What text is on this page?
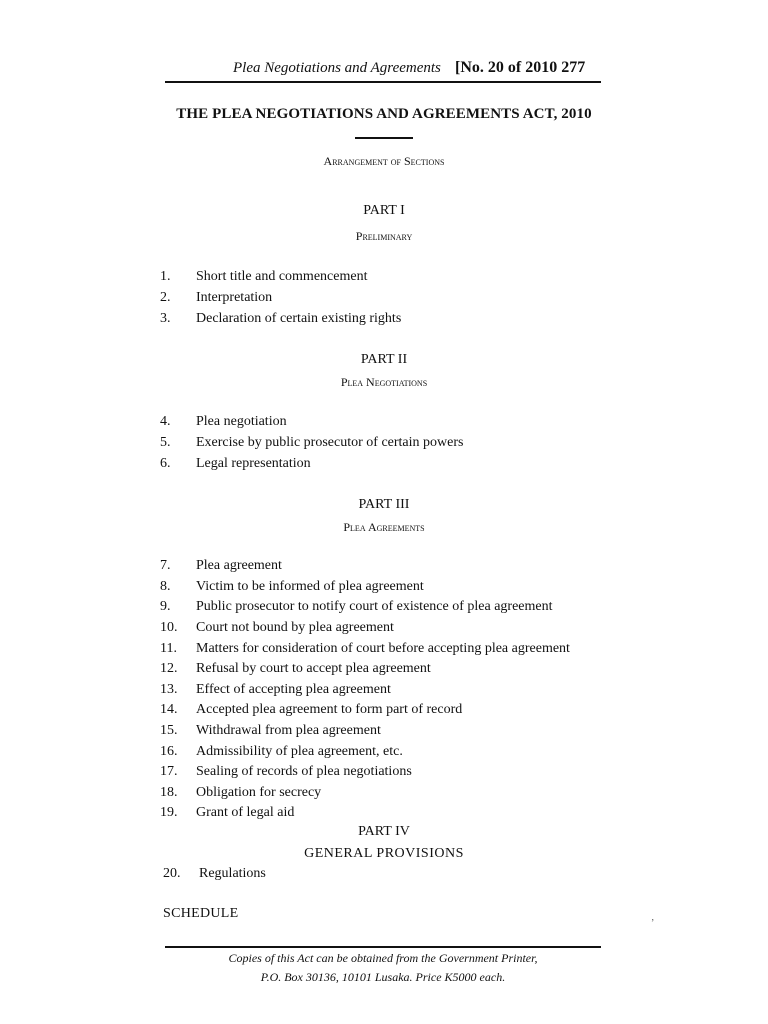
Plea Negotiations and Agreements [No. 20 of 2010 277
THE PLEA NEGOTIATIONS AND AGREEMENTS ACT, 2010
Arrangement of Sections
PART I
Preliminary
1.	Short title and commencement
2.	Interpretation
3.	Declaration of certain existing rights
PART II
Plea Negotiations
4.	Plea negotiation
5.	Exercise by public prosecutor of certain powers
6.	Legal representation
PART III
Plea Agreements
7.	Plea agreement
8.	Victim to be informed of plea agreement
9.	Public prosecutor to notify court of existence of plea agreement
10.	Court not bound by plea agreement
11.	Matters for consideration of court before accepting plea agreement
12.	Refusal by court to accept plea agreement
13.	Effect of accepting plea agreement
14.	Accepted plea agreement to form part of record
15.	Withdrawal from plea agreement
16.	Admissibility of plea agreement, etc.
17.	Sealing of records of plea negotiations
18.	Obligation for secrecy
19.	Grant of legal aid
PART IV
GENERAL PROVISIONS
20.	Regulations
SCHEDULE
’
Copies of this Act can be obtained from the Government Printer,
P.O. Box 30136, 10101 Lusaka. Price K5000 each.
